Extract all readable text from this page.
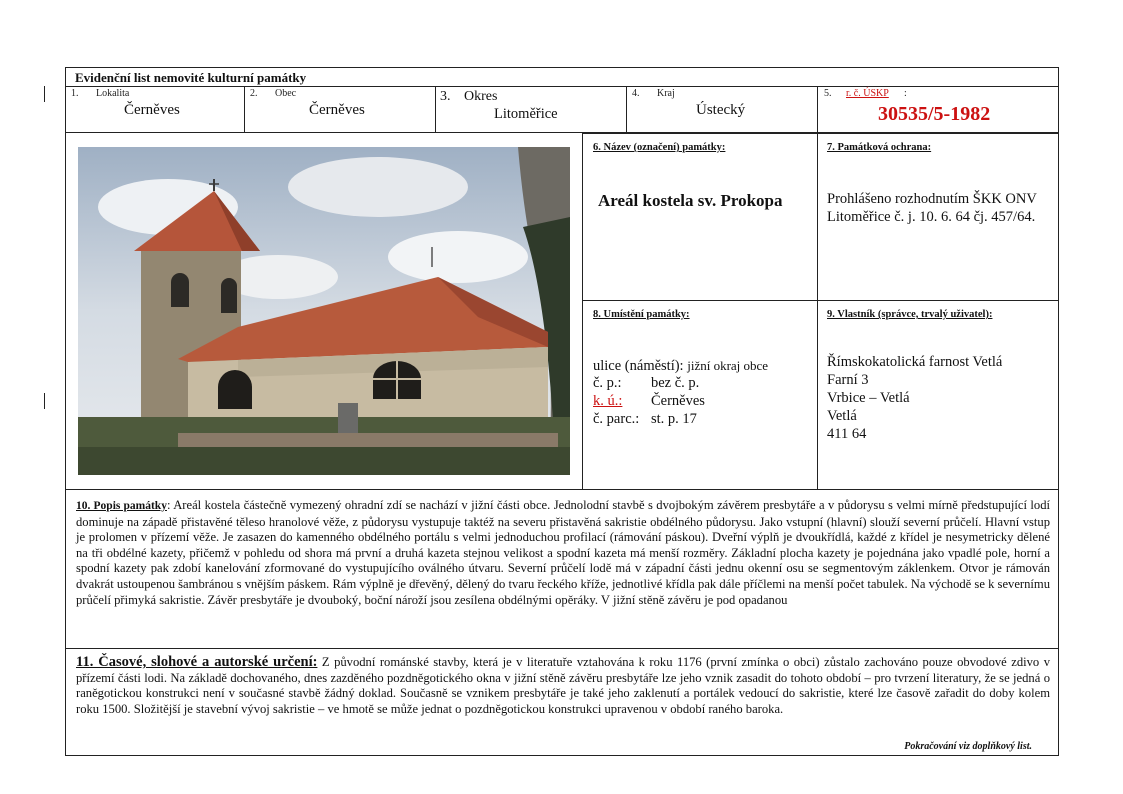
Evidenční list nemovité kulturní památky
1. Lokalita
Černěves
2. Obec
Černěves
3. Okres
Litoměřice
4. Kraj
Ústecký
5. r. č. ÚSKP :
30535/5-1982
6. Název (označení) památky:
Areál kostela sv. Prokopa
7. Památková ochrana:
Prohlášeno rozhodnutím ŠKK ONV Litoměřice č. j. 10. 6. 64 čj. 457/64.
8. Umístění památky:
ulice (náměstí): jižní okraj obce
č. p.: bez č. p.
k. ú.: Černěves
č. parc.: st. p. 17
9. Vlastník (správce, trvalý uživatel):
Římskokatolická farnost Vetlá
Farní 3
Vrbice – Vetlá
Vetlá
411 64
10. Popis památky: Areál kostela částečně vymezený ohradní zdí se nachází v jižní části obce. Jednolodní stavbě s dvojbokým závěrem presbytáře a v půdorysu s velmi mírně předstupující lodí dominuje na západě přistavěné těleso hranolové věže, z půdorysu vystupuje taktéž na severu přistavěná sakristie obdélného půdorysu. Jako vstupní (hlavní) slouží severní průčelí. Hlavní vstup je prolomen v přízemí věže. Je zasazen do kamenného obdélného portálu s velmi jednoduchou profilací (rámování páskou). Dveřní výplň je dvoukřídlá, každé z křídel je nesymetricky dělené na tři obdélné kazety, přičemž v pohledu od shora má první a druhá kazeta stejnou velikost a spodní kazeta má menší rozměry. Základní plocha kazety je pojednána jako vpadlé pole, horní a spodní kazety pak zdobí kanelování zformované do vystupujícího oválného útvaru. Severní průčelí lodě má v západní části jednu okenní osu se segmentovým záklenkem. Otvor je rámován dvakrát ustoupenou šambránou s vnějším páskem. Rám výplně je dřevěný, dělený do tvaru řeckého kříže, jednotlivé křídla pak dále příčlemi na menší počet tabulek. Na východě se k severnímu průčelí přimyká sakristie. Závěr presbytáře je dvouboký, boční nároží jsou zesílena obdélnými opěráky. V jižní stěně závěru je pod opadanou
11. Časové, slohové a autorské určení: Z původní románské stavby, která je v literatuře vztahována k roku 1176 (první zmínka o obci) zůstalo zachováno pouze obvodové zdivo v přízemí části lodi. Na základě dochovaného, dnes zazděného pozdněgotického okna v jižní stěně závěru presbytáře lze jeho vznik zasadit do tohoto období – pro tvrzení literatury, že se jedná o raněgotickou konstrukci není v současné stavbě žádný doklad. Současně se vznikem presbytáře je také jeho zaklenutí a portálek vedoucí do sakristie, které lze časově zařadit do doby kolem roku 1500. Složitější je stavební vývoj sakristie – ve hmotě se může jednat o pozdněgotickou konstrukci upravenou v období raného baroka.
Pokračování viz doplňkový list.
